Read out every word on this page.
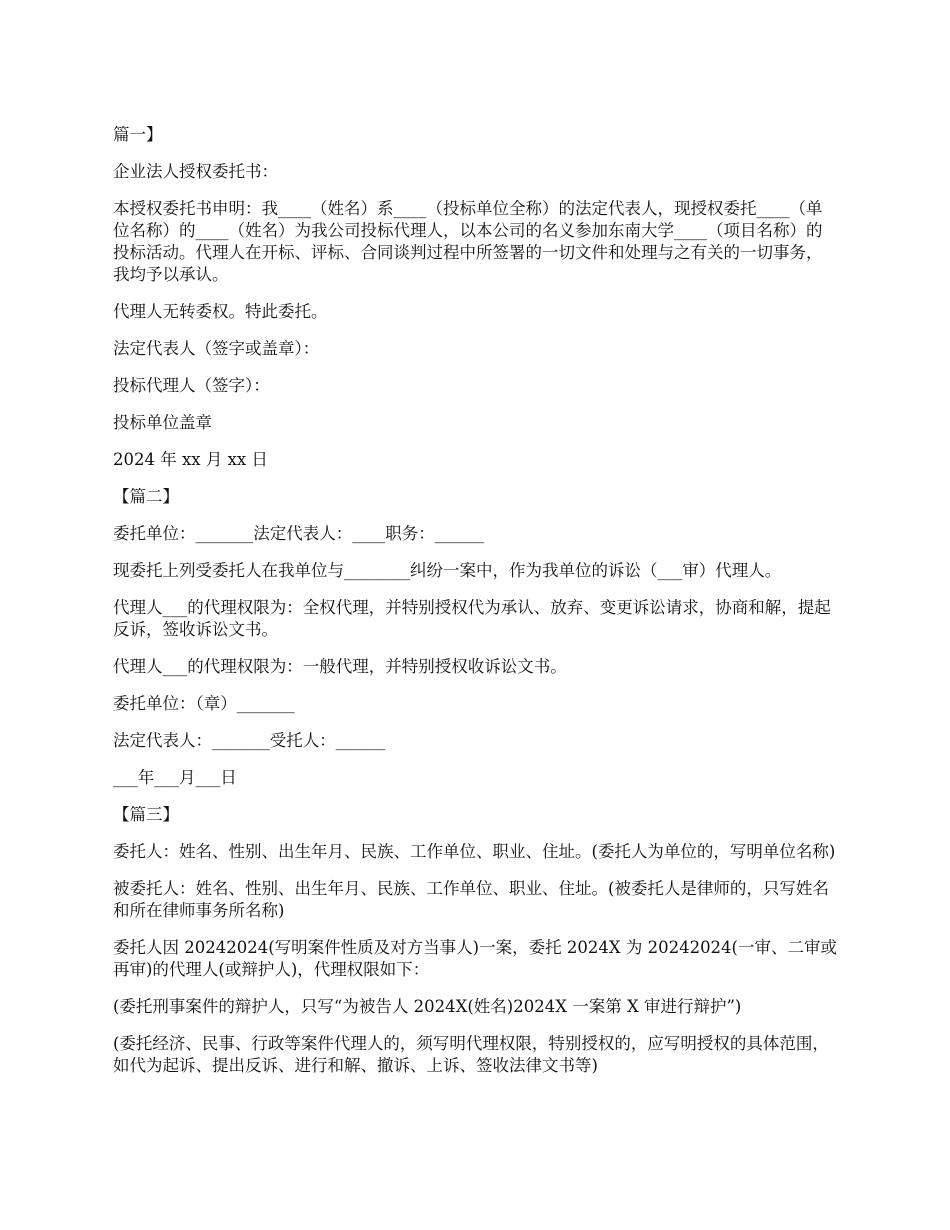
篇一】

企业法人授权委托书：

本授权委托书申明：我____（姓名）系____（投标单位全称）的法定代表人，现授权委托____（单位名称）的____（姓名）为我公司投标代理人，以本公司的名义参加东南大学____（项目名称）的投标活动。代理人在开标、评标、合同谈判过程中所签署的一切文件和处理与之有关的一切事务，我均予以承认。

代理人无转委权。特此委托。

法定代表人（签字或盖章）：

投标代理人（签字）：

投标单位盖章

2024 年 xx 月 xx 日

【篇二】

委托单位：_______法定代表人：____职务：______

现委托上列受委托人在我单位与________纠纷一案中，作为我单位的诉讼（___审）代理人。

代理人___的代理权限为：全权代理，并特别授权代为承认、放弃、变更诉讼请求，协商和解，提起反诉，签收诉讼文书。

代理人___的代理权限为：一般代理，并特别授权收诉讼文书。

委托单位：（章）_______

法定代表人：_______受托人：______

___年___月___日

【篇三】

委托人：姓名、性别、出生年月、民族、工作单位、职业、住址。(委托人为单位的，写明单位名称)

被委托人：姓名、性别、出生年月、民族、工作单位、职业、住址。(被委托人是律师的，只写姓名和所在律师事务所名称)

委托人因 20242024(写明案件性质及对方当事人)一案，委托 2024X 为 20242024(一审、二审或再审)的代理人(或辩护人)，代理权限如下：

(委托刑事案件的辩护人，只写“为被告人 2024X(姓名)2024X 一案第 X 审进行辩护”)

(委托经济、民事、行政等案件代理人的，须写明代理权限，特别授权的，应写明授权的具体范围，如代为起诉、提出反诉、进行和解、撤诉、上诉、签收法律文书等)
